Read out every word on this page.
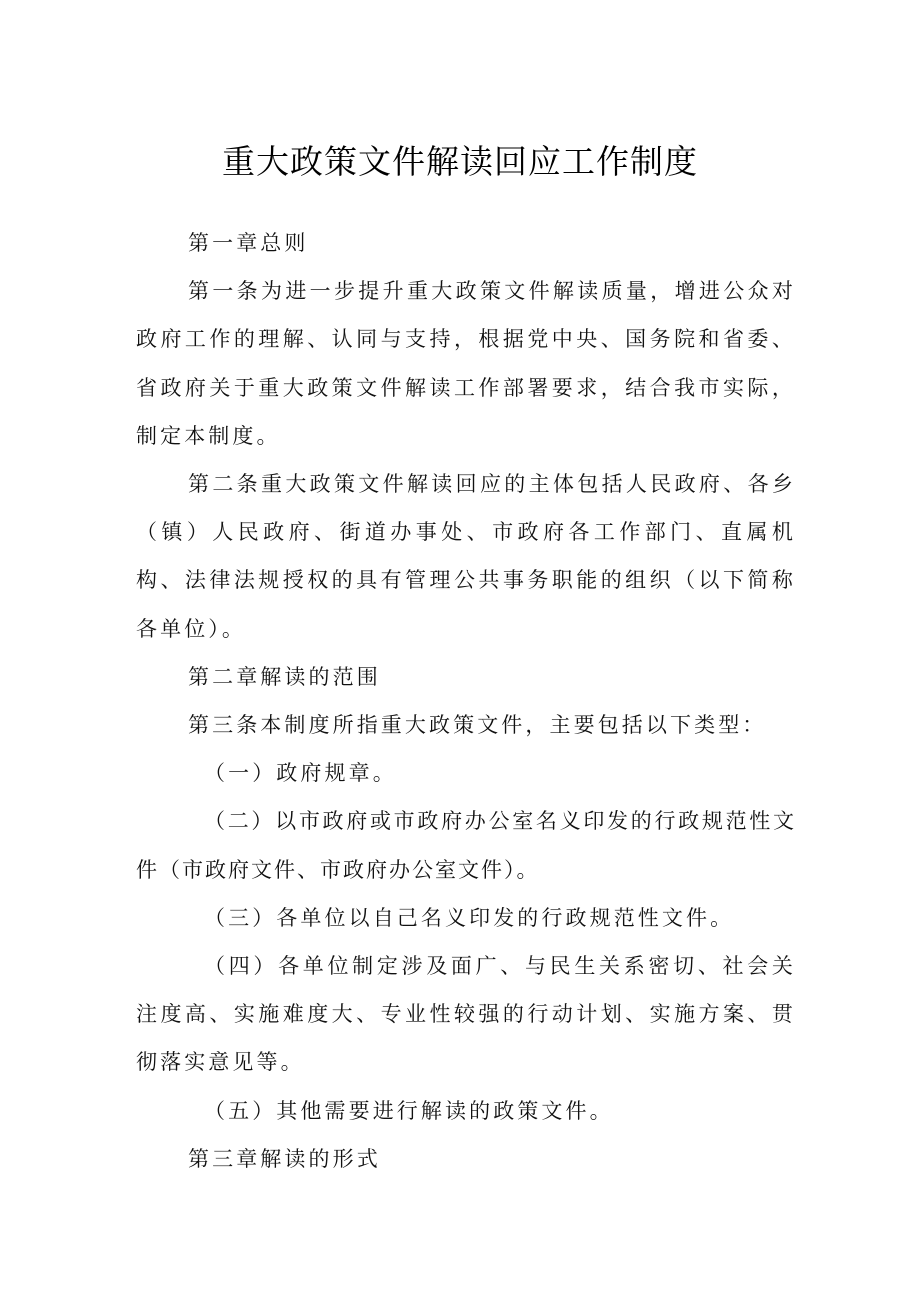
重大政策文件解读回应工作制度

第一章总则

第一条为进一步提升重大政策文件解读质量，增进公众对政府工作的理解、认同与支持，根据党中央、国务院和省委、省政府关于重大政策文件解读工作部署要求，结合我市实际，制定本制度。

第二条重大政策文件解读回应的主体包括人民政府、各乡（镇）人民政府、街道办事处、市政府各工作部门、直属机构、法律法规授权的具有管理公共事务职能的组织（以下简称各单位）。

第二章解读的范围

第三条本制度所指重大政策文件，主要包括以下类型：

（一）政府规章。

（二）以市政府或市政府办公室名义印发的行政规范性文件（市政府文件、市政府办公室文件）。

（三）各单位以自己名义印发的行政规范性文件。

（四）各单位制定涉及面广、与民生关系密切、社会关注度高、实施难度大、专业性较强的行动计划、实施方案、贯彻落实意见等。

（五）其他需要进行解读的政策文件。

第三章解读的形式
